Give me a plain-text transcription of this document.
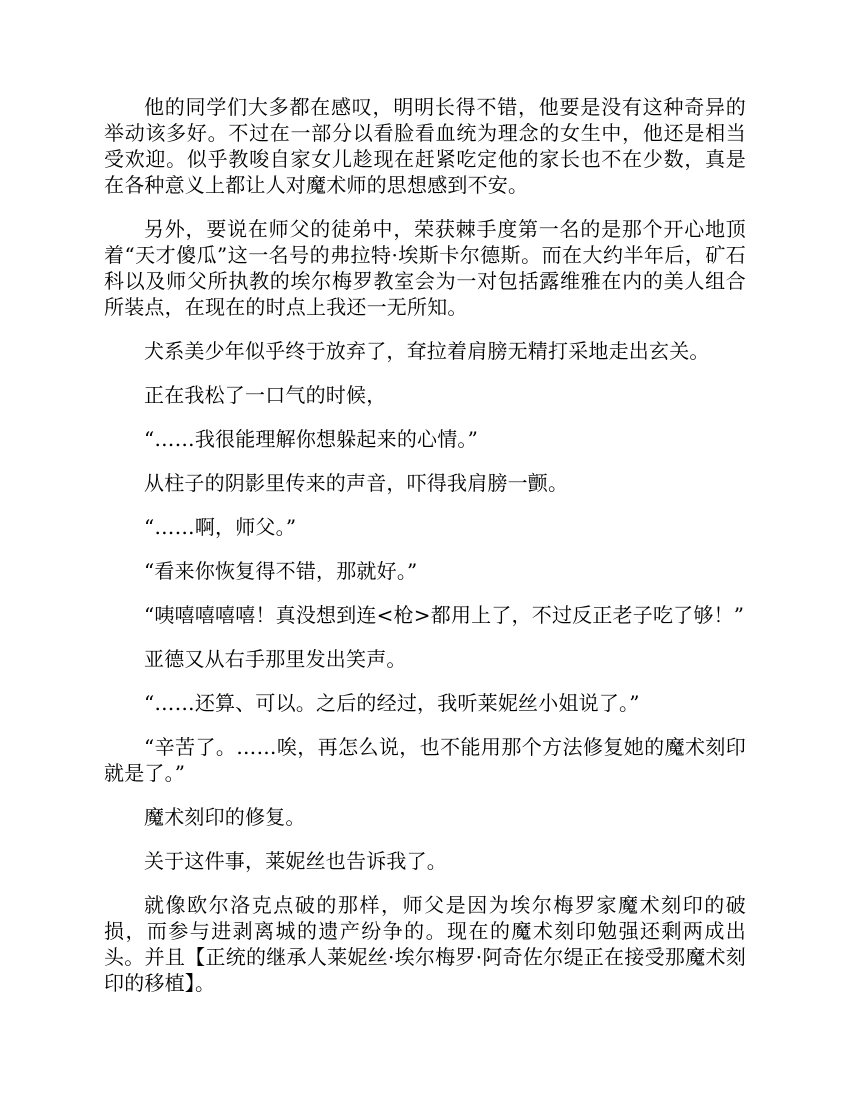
他的同学们大多都在感叹，明明长得不错，他要是没有这种奇异的举动该多好。不过在一部分以看脸看血统为理念的女生中，他还是相当受欢迎。似乎教唆自家女儿趁现在赶紧吃定他的家长也不在少数，真是在各种意义上都让人对魔术师的思想感到不安。

另外，要说在师父的徒弟中，荣获棘手度第一名的是那个开心地顶着“天才傻瓜”这一名号的弗拉特·埃斯卡尔德斯。而在大约半年后，矿石科以及师父所执教的埃尔梅罗教室会为一对包括露维雅在内的美人组合所装点，在现在的时点上我还一无所知。

犬系美少年似乎终于放弃了，耷拉着肩膀无精打采地走出玄关。

正在我松了一口气的时候，

“……我很能理解你想躲起来的心情。”

从柱子的阴影里传来的声音，吓得我肩膀一颤。

“……啊，师父。”

“看来你恢复得不错，那就好。”

“咦嘻嘻嘻嘻！真没想到连<枪>都用上了，不过反正老子吃了够！”

亚德又从右手那里发出笑声。

“……还算、可以。之后的经过，我听莱妮丝小姐说了。”

“辛苦了。……唉，再怎么说，也不能用那个方法修复她的魔术刻印就是了。”

魔术刻印的修复。

关于这件事，莱妮丝也告诉我了。

就像欧尔洛克点破的那样，师父是因为埃尔梅罗家魔术刻印的破损，而参与进剥离城的遗产纷争的。现在的魔术刻印勉强还剩两成出头。并且【正统的继承人莱妮丝·埃尔梅罗·阿奇佐尔缇正在接受那魔术刻印的移植】。
